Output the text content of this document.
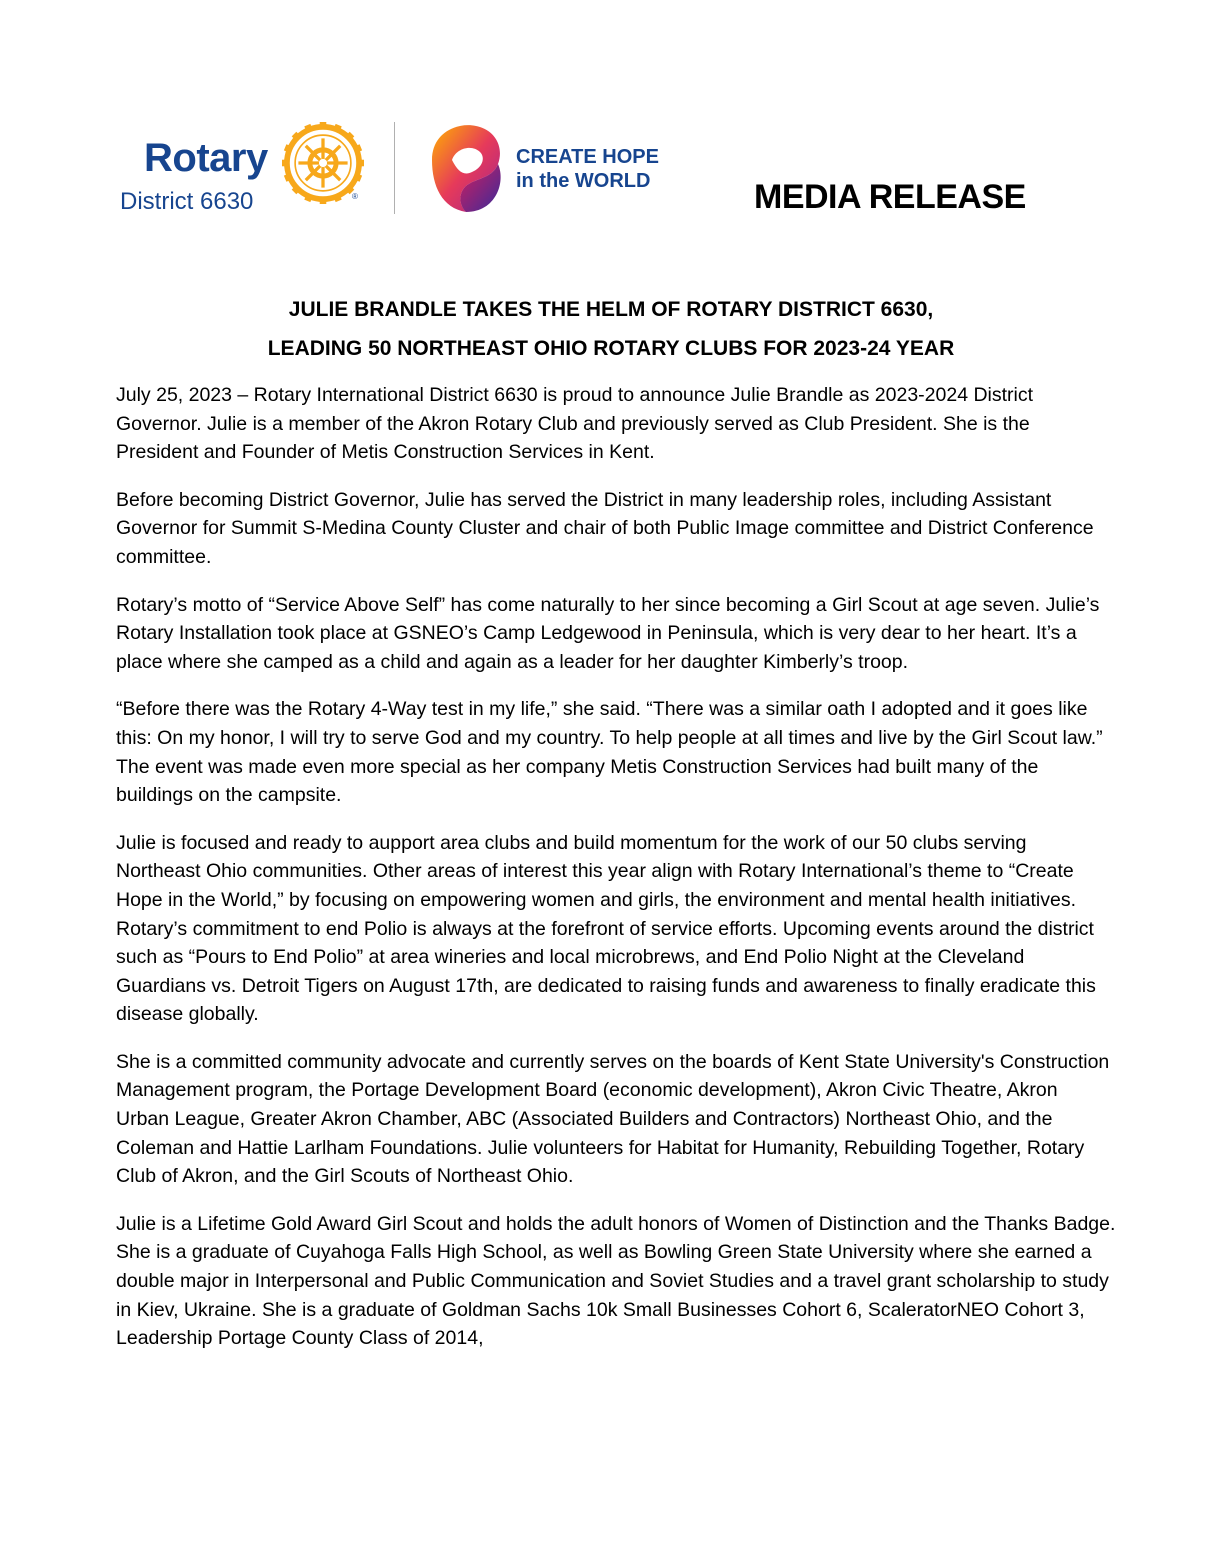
Rotary
District 6630	®
CREATE HOPE
in the WORLD	MEDIA RELEASE
JULIE BRANDLE TAKES THE HELM OF ROTARY DISTRICT 6630,
LEADING 50 NORTHEAST OHIO ROTARY CLUBS FOR 2023-24 YEAR

July 25, 2023 – Rotary International District 6630 is proud to announce Julie Brandle as 2023-2024 District Governor. Julie is a member of the Akron Rotary Club and previously served as Club President. She is the President and Founder of Metis Construction Services in Kent.

Before becoming District Governor, Julie has served the District in many leadership roles, including Assistant Governor for Summit S-Medina County Cluster and chair of both Public Image committee and District Conference committee.

Rotary’s motto of “Service Above Self” has come naturally to her since becoming a Girl Scout at age seven. Julie’s Rotary Installation took place at GSNEO’s Camp Ledgewood in Peninsula, which is very dear to her heart. It’s a place where she camped as a child and again as a leader for her daughter Kimberly’s troop.

“Before there was the Rotary 4-Way test in my life,” she said. “There was a similar oath I adopted and it goes like this: On my honor, I will try to serve God and my country. To help people at all times and live by the Girl Scout law.” The event was made even more special as her company Metis Construction Services had built many of the buildings on the campsite.

Julie is focused and ready to aupport area clubs and build momentum for the work of our 50 clubs serving Northeast Ohio communities. Other areas of interest this year align with Rotary International’s theme to “Create Hope in the World,” by focusing on empowering women and girls, the environment and mental health initiatives. Rotary’s commitment to end Polio is always at the forefront of service efforts. Upcoming events around the district such as “Pours to End Polio” at area wineries and local microbrews, and End Polio Night at the Cleveland Guardians vs. Detroit Tigers on August 17th, are dedicated to raising funds and awareness to finally eradicate this disease globally.

She is a committed community advocate and currently serves on the boards of Kent State University's Construction Management program, the Portage Development Board (economic development), Akron Civic Theatre, Akron Urban League, Greater Akron Chamber, ABC (Associated Builders and Contractors) Northeast Ohio, and the Coleman and Hattie Larlham Foundations. Julie volunteers for Habitat for Humanity, Rebuilding Together, Rotary Club of Akron, and the Girl Scouts of Northeast Ohio.

Julie is a Lifetime Gold Award Girl Scout and holds the adult honors of Women of Distinction and the Thanks Badge. She is a graduate of Cuyahoga Falls High School, as well as Bowling Green State University where she earned a double major in Interpersonal and Public Communication and Soviet Studies and a travel grant scholarship to study in Kiev, Ukraine. She is a graduate of Goldman Sachs 10k Small Businesses Cohort 6, ScaleratorNEO Cohort 3, Leadership Portage County Class of 2014,
